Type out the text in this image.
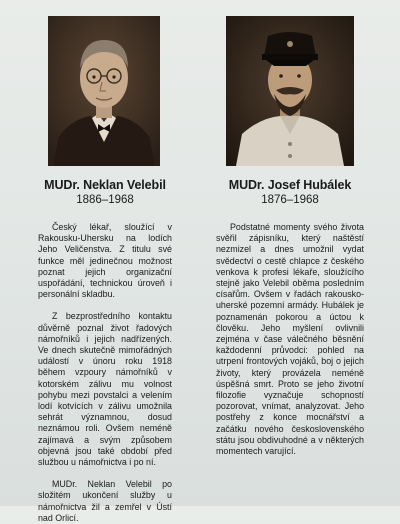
MUDr. Neklan Velebil
1886–1968

Český lékař, sloužící v Rakousku-Uhersku na lodích Jeho Veličenstva. Z titulu své funkce měl jedinečnou možnost poznat jejich organizační uspořádání, technickou úroveň i personální skladbu.

Z bezprostředního kontaktu důvěrně poznal život řadových námořníků i jejich nadřízených. Ve dnech skutečně mimořádných událostí v únoru roku 1918 během vzpoury námořníků v kotorském zálivu mu volnost pohybu mezi povstalci a velením lodí kotvících v zálivu umožnila sehrát významnou, dosud neznámou roli. Ovšem neméně zajímavá a svým způsobem objevná jsou také období před službou u námořnictva i po ní.

MUDr. Neklan Velebil po složitém ukončení služby u námořnictva žil a zemřel v Ústí nad Orlicí.

MUDr. Josef Hubálek
1876–1968

Podstatné momenty svého života svěřil zápisníku, který naštěstí nezmizel a dnes umožnil vydat svědectví o cestě chlapce z českého venkova k profesi lékaře, sloužícího stejně jako Velebil oběma posledním císařům. Ovšem v řadách rakousko-uherské pozemní armády. Hubálek je poznamenán pokorou a úctou k člověku. Jeho myšlení ovlivnili zejména v čase válečného běsnění každodenní průvodci: pohled na utrpení frontových vojáků, boj o jejich životy, který provázela neméně úspěšná smrt. Proto se jeho životní filozofie vyznačuje schopností pozorovat, vnímat, analyzovat. Jeho postřehy z konce mocnářství a začátku nového československého státu jsou obdivuhodné a v některých momentech varující.
